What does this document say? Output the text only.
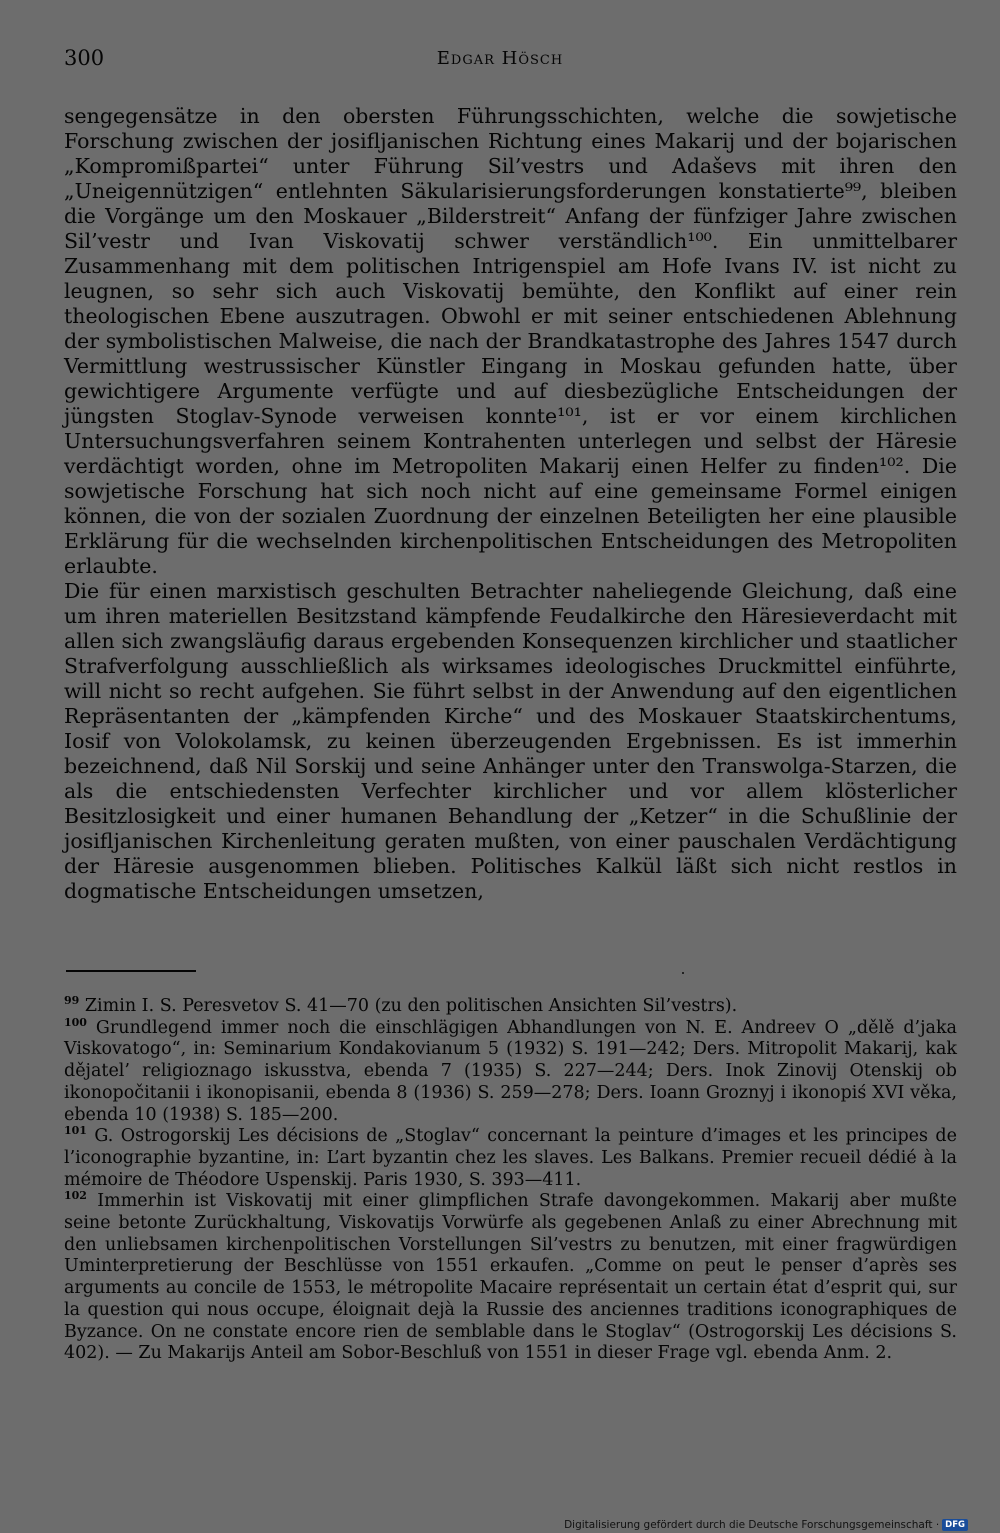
300	Edgar Hösch

sengegensätze in den obersten Führungsschichten, welche die sowjetische Forschung zwischen der josifljanischen Richtung eines Makarij und der bojarischen „Kompromißpartei“ unter Führung Sil’vestrs und Adaševs mit ihren den „Uneigennützigen“ entlehnten Säkularisierungsforderungen konstatierte⁹⁹, bleiben die Vorgänge um den Moskauer „Bilderstreit“ Anfang der fünfziger Jahre zwischen Sil’vestr und Ivan Viskovatij schwer verständlich¹⁰⁰. Ein unmittelbarer Zusammenhang mit dem politischen Intrigenspiel am Hofe Ivans IV. ist nicht zu leugnen, so sehr sich auch Viskovatij bemühte, den Konflikt auf einer rein theologischen Ebene auszutragen. Obwohl er mit seiner entschiedenen Ablehnung der symbolistischen Malweise, die nach der Brandkatastrophe des Jahres 1547 durch Vermittlung westrussischer Künstler Eingang in Moskau gefunden hatte, über gewichtigere Argumente verfügte und auf diesbezügliche Entscheidungen der jüngsten Stoglav-Synode verweisen konnte¹⁰¹, ist er vor einem kirchlichen Untersuchungsverfahren seinem Kontrahenten unterlegen und selbst der Häresie verdächtigt worden, ohne im Metropoliten Makarij einen Helfer zu finden¹⁰². Die sowjetische Forschung hat sich noch nicht auf eine gemeinsame Formel einigen können, die von der sozialen Zuordnung der einzelnen Beteiligten her eine plausible Erklärung für die wechselnden kirchenpolitischen Entscheidungen des Metropoliten erlaubte.

Die für einen marxistisch geschulten Betrachter naheliegende Gleichung, daß eine um ihren materiellen Besitzstand kämpfende Feudalkirche den Häresieverdacht mit allen sich zwangsläufig daraus ergebenden Konsequenzen kirchlicher und staatlicher Strafverfolgung ausschließlich als wirksames ideologisches Druckmittel einführte, will nicht so recht aufgehen. Sie führt selbst in der Anwendung auf den eigentlichen Repräsentanten der „kämpfenden Kirche“ und des Moskauer Staatskirchentums, Iosif von Volokolamsk, zu keinen überzeugenden Ergebnissen. Es ist immerhin bezeichnend, daß Nil Sorskij und seine Anhänger unter den Transwolga-Starzen, die als die entschiedensten Verfechter kirchlicher und vor allem klösterlicher Besitzlosigkeit und einer humanen Behandlung der „Ketzer“ in die Schußlinie der josifljanischen Kirchenleitung geraten mußten, von einer pauschalen Verdächtigung der Häresie ausgenommen blieben. Politisches Kalkül läßt sich nicht restlos in dogmatische Entscheidungen umsetzen,

$^{99}$ Zimin I. S. Peresvetov S. 41—70 (zu den politischen Ansichten Sil’vestrs).

$^{100}$ Grundlegend immer noch die einschlägigen Abhandlungen von N. E. Andreev O „dělě d’jaka Viskovatogo“, in: Seminarium Kondakovianum 5 (1932) S. 191—242; Ders. Mitropolit Makarij, kak dějatel’ religioznago iskusstva, ebenda 7 (1935) S. 227—244; Ders. Inok Zinovij Otenskij ob ikonopočitanii i ikonopisanii, ebenda 8 (1936) S. 259—278; Ders. Ioann Groznyj i ikonopiś XVI věka, ebenda 10 (1938) S. 185—200.

$^{101}$ G. Ostrogorskij Les décisions de „Stoglav“ concernant la peinture d’images et les principes de l’iconographie byzantine, in: L’art byzantin chez les slaves. Les Balkans. Premier recueil dédié à la mémoire de Théodore Uspenskij. Paris 1930, S. 393—411.

$^{102}$ Immerhin ist Viskovatij mit einer glimpflichen Strafe davongekommen. Makarij aber mußte seine betonte Zurückhaltung, Viskovatijs Vorwürfe als gegebenen Anlaß zu einer Abrechnung mit den unliebsamen kirchenpolitischen Vorstellungen Sil’vestrs zu benutzen, mit einer fragwürdigen Uminterpretierung der Beschlüsse von 1551 erkaufen. „Comme on peut le penser d’après ses arguments au concile de 1553, le métropolite Macaire représentait un certain état d’esprit qui, sur la question qui nous occupe, éloignait dejà la Russie des anciennes traditions iconographiques de Byzance. On ne constate encore rien de semblable dans le Stoglav“ (Ostrogorskij Les décisions S. 402). — Zu Makarijs Anteil am Sobor-Beschluß von 1551 in dieser Frage vgl. ebenda Anm. 2.

Digitalisierung gefördert durch die Deutsche Forschungsgemeinschaft · DFG
